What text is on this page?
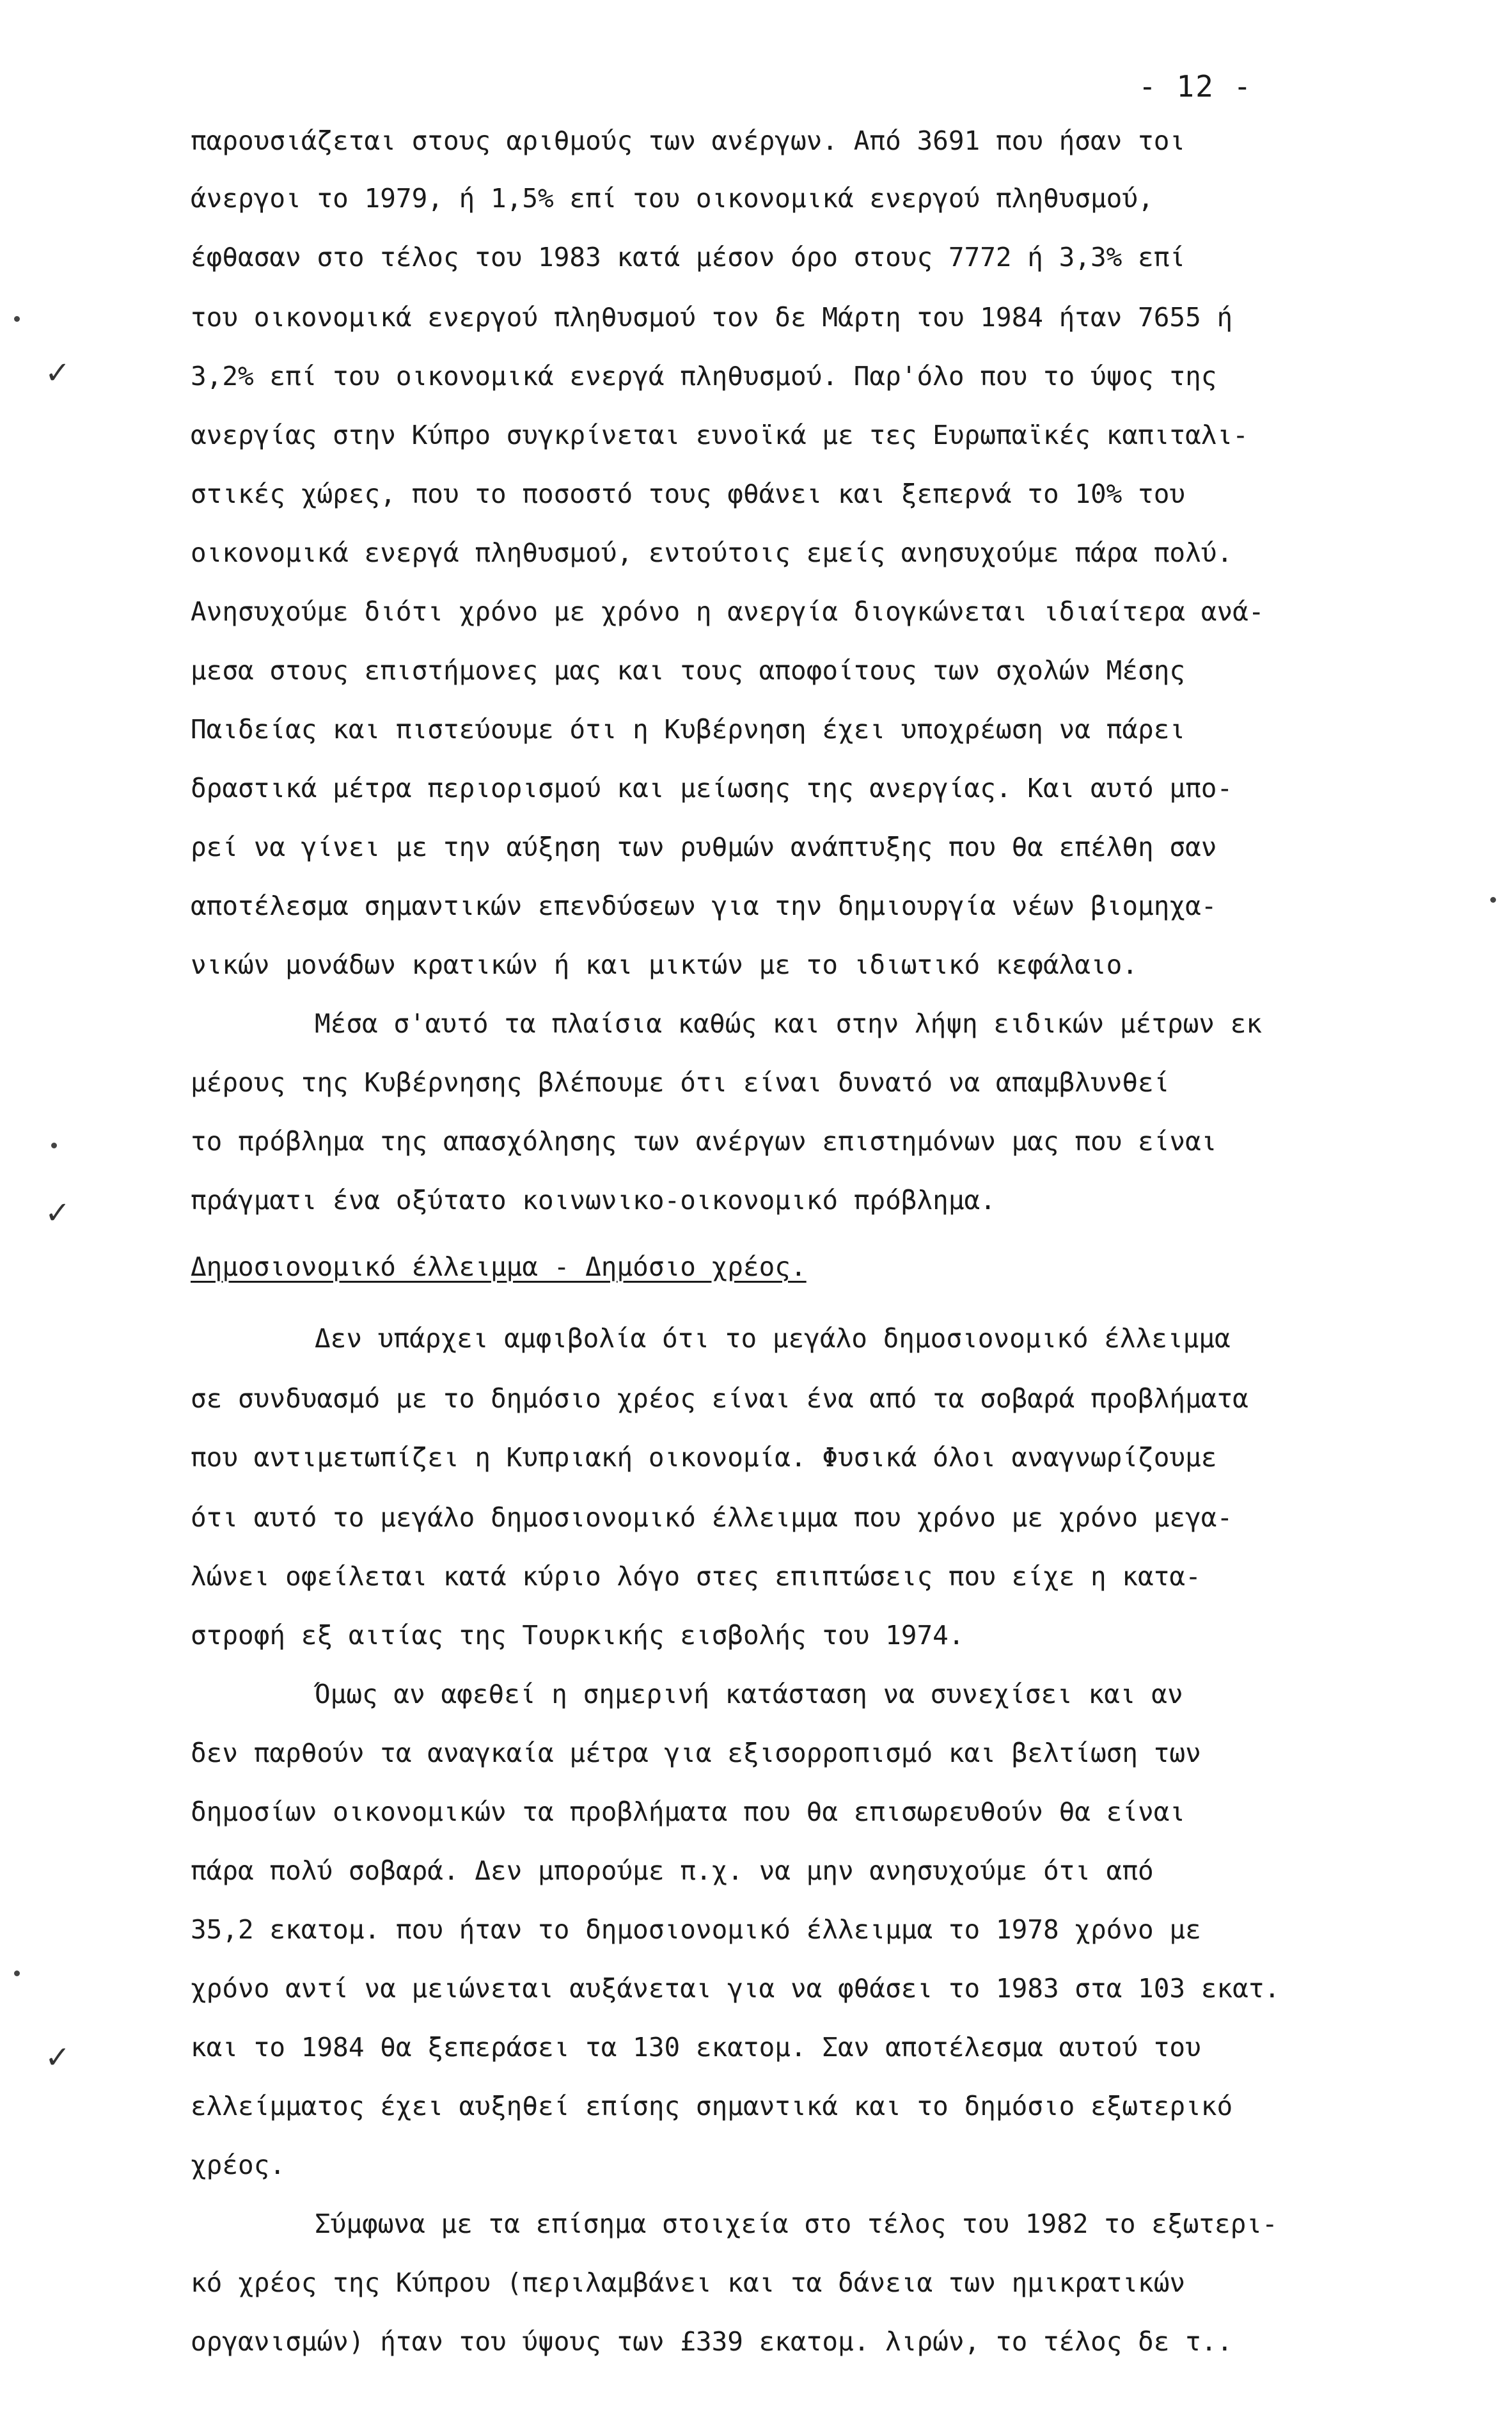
- 12 -
παρουσιάζεται στους αριθμούς των ανέργων. Από 3691 που ήσαν τοι
άνεργοι το 1979, ή 1,5% επί του οικονομικά ενεργού πληθυσμού,
έφθασαν στο τέλος του 1983 κατά μέσον όρο στους 7772 ή 3,3% επί
του οικονομικά ενεργού πληθυσμού τον δε Μάρτη του 1984 ήταν 7655 ή
3,2% επί του οικονομικά ενεργά πληθυσμού. Παρ'όλο που το ύψος της
ανεργίας στην Κύπρο συγκρίνεται ευνοϊκά με τες Ευρωπαϊκές καπιταλι-
στικές χώρες, που το ποσοστό τους φθάνει και ξεπερνά το 10% του
οικονομικά ενεργά πληθυσμού, εντούτοις εμείς ανησυχούμε πάρα πολύ.
Ανησυχούμε διότι χρόνο με χρόνο η ανεργία διογκώνεται ιδιαίτερα ανά-
μεσα στους επιστήμονες μας και τους αποφοίτους των σχολών Μέσης
Παιδείας και πιστεύουμε ότι η Κυβέρνηση έχει υποχρέωση να πάρει
δραστικά μέτρα περιορισμού και μείωσης της ανεργίας. Και αυτό μπο-
ρεί να γίνει με την αύξηση των ρυθμών ανάπτυξης που θα επέλθη σαν
αποτέλεσμα σημαντικών επενδύσεων για την δημιουργία νέων βιομηχα-
νικών μονάδων κρατικών ή και μικτών με το ιδιωτικό κεφάλαιο.
Μέσα σ'αυτό τα πλαίσια καθώς και στην λήψη ειδικών μέτρων εκ
μέρους της Κυβέρνησης βλέπουμε ότι είναι δυνατό να απαμβλυνθεί
το πρόβλημα της απασχόλησης των ανέργων επιστημόνων μας που είναι
πράγματι ένα οξύτατο κοινωνικο-οικονομικό πρόβλημα.
Δημοσιονομικό έλλειμμα - Δημόσιο χρέος.
Δεν υπάρχει αμφιβολία ότι το μεγάλο δημοσιονομικό έλλειμμα
σε συνδυασμό με το δημόσιο χρέος είναι ένα από τα σοβαρά προβλήματα
που αντιμετωπίζει η Κυπριακή οικονομία. Φυσικά όλοι αναγνωρίζουμε
ότι αυτό το μεγάλο δημοσιονομικό έλλειμμα που χρόνο με χρόνο μεγα-
λώνει οφείλεται κατά κύριο λόγο στες επιπτώσεις που είχε η κατα-
στροφή εξ αιτίας της Τουρκικής εισβολής του 1974.
Όμως αν αφεθεί η σημερινή κατάσταση να συνεχίσει και αν
δεν παρθούν τα αναγκαία μέτρα για εξισορροπισμό και βελτίωση των
δημοσίων οικονομικών τα προβλήματα που θα επισωρευθούν θα είναι
πάρα πολύ σοβαρά. Δεν μπορούμε π.χ. να μην ανησυχούμε ότι από
35,2 εκατομ. που ήταν το δημοσιονομικό έλλειμμα το 1978 χρόνο με
χρόνο αντί να μειώνεται αυξάνεται για να φθάσει το 1983 στα 103 εκατ.
και το 1984 θα ξεπεράσει τα 130 εκατομ. Σαν αποτέλεσμα αυτού του
ελλείμματος έχει αυξηθεί επίσης σημαντικά και το δημόσιο εξωτερικό
χρέος.
Σύμφωνα με τα επίσημα στοιχεία στο τέλος του 1982 το εξωτερι-
κό χρέος της Κύπρου (περιλαμβάνει και τα δάνεια των ημικρατικών
οργανισμών) ήταν του ύψους των £339 εκατομ. λιρών, το τέλος δε τ..
✓
✓
✓
